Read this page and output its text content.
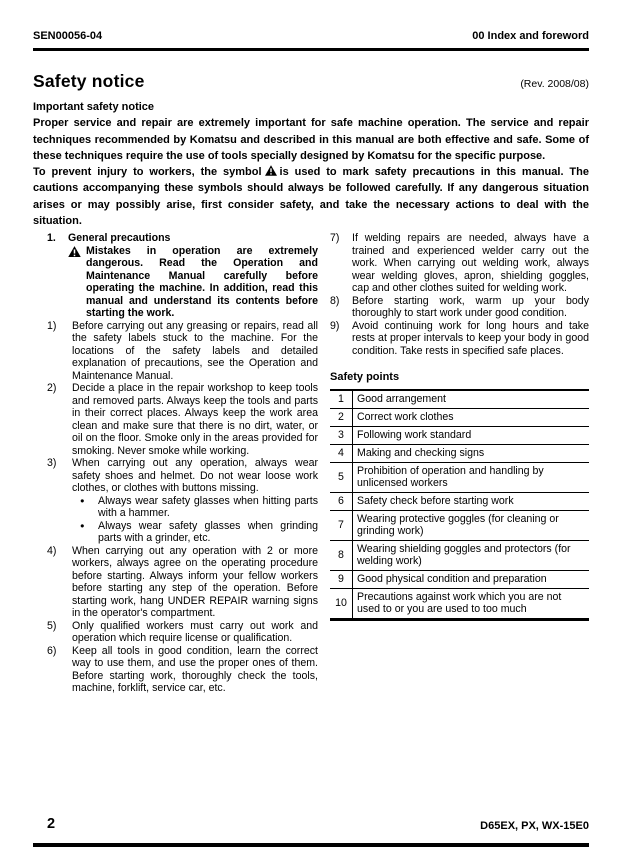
SEN00056-04	00 Index and foreword
Safety notice	(Rev. 2008/08)

Important safety notice

Proper service and repair are extremely important for safe machine operation. The service and repair techniques recommended by Komatsu and described in this manual are both effective and safe. Some of these techniques require the use of tools specially designed by Komatsu for the specific purpose.

To prevent injury to workers, the symbol is used to mark safety precautions in this manual. The cautions accompanying these symbols should always be followed carefully. If any dangerous situation arises or may possibly arise, first consider safety, and take the necessary actions to deal with the situation.

1.	General precautions
Mistakes in operation are extremely dangerous. Read the Operation and Maintenance Manual carefully before operating the machine. In addition, read this manual and understand its contents before starting the work.
1)	Before carrying out any greasing or repairs, read all the safety labels stuck to the machine. For the locations of the safety labels and detailed explanation of precautions, see the Operation and Maintenance Manual.
2)	Decide a place in the repair workshop to keep tools and removed parts. Always keep the tools and parts in their correct places. Always keep the work area clean and make sure that there is no dirt, water, or oil on the floor. Smoke only in the areas provided for smoking. Never smoke while working.
3)	When carrying out any operation, always wear safety shoes and helmet. Do not wear loose work clothes, or clothes with buttons missing.
●	Always wear safety glasses when hitting parts with a hammer.
●	Always wear safety glasses when grinding parts with a grinder, etc.
4)	When carrying out any operation with 2 or more workers, always agree on the operating procedure before starting. Always inform your fellow workers before starting any step of the operation. Before starting work, hang UNDER REPAIR warning signs in the operator's compartment.
5)	Only qualified workers must carry out work and operation which require license or qualification.
6)	Keep all tools in good condition, learn the correct way to use them, and use the proper ones of them. Before starting work, thoroughly check the tools, machine, forklift, service car, etc.
7)	If welding repairs are needed, always have a trained and experienced welder carry out the work. When carrying out welding work, always wear welding gloves, apron, shielding goggles, cap and other clothes suited for welding work.
8)	Before starting work, warm up your body thoroughly to start work under good condition.
9)	Avoid continuing work for long hours and take rests at proper intervals to keep your body in good condition. Take rests in specified safe places.
Safety points
1	Good arrangement
2	Correct work clothes
3	Following work standard
4	Making and checking signs
5	Prohibition of operation and handling by unlicensed workers
6	Safety check before starting work
7	Wearing protective goggles (for cleaning or grinding work)
8	Wearing shielding goggles and protectors (for welding work)
9	Good physical condition and preparation
10	Precautions against work which you are not used to or you are used to too much
2	D65EX, PX, WX-15E0
